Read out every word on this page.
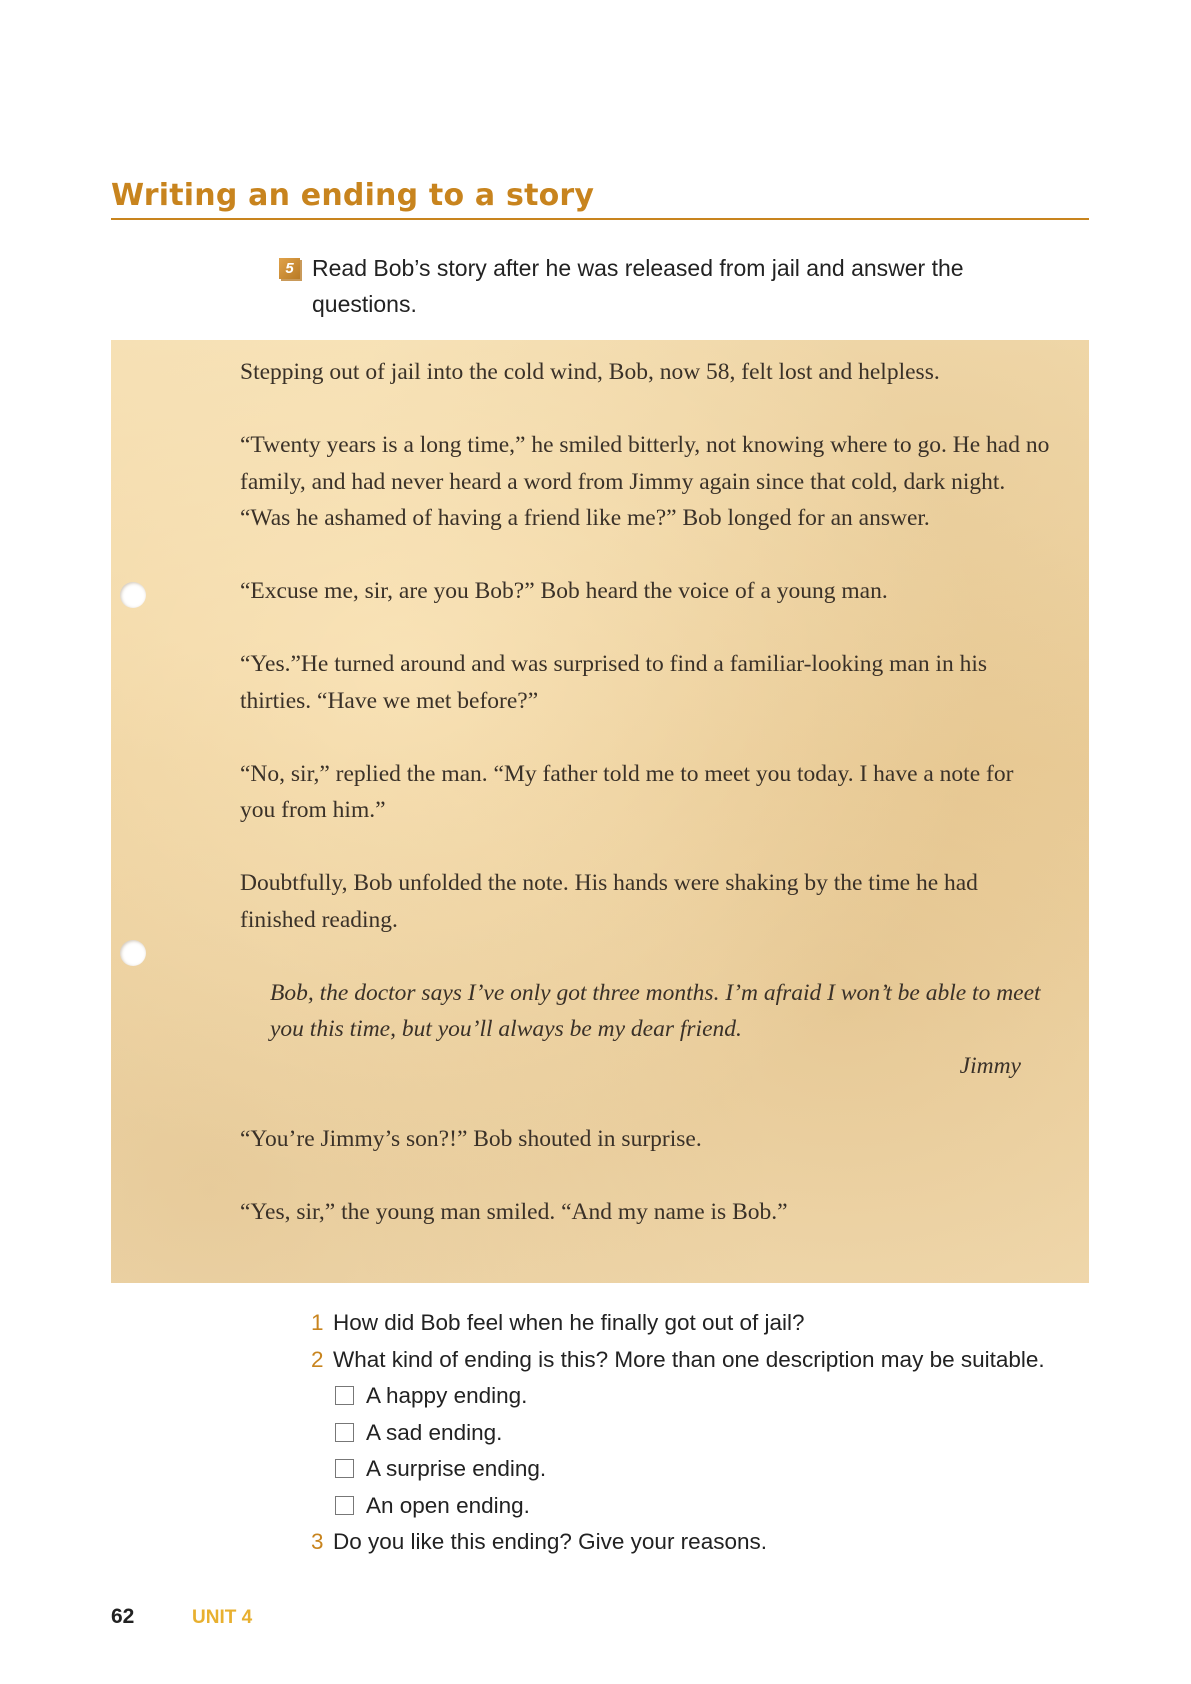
Writing an ending to a story
5 Read Bob’s story after he was released from jail and answer the questions.

Stepping out of jail into the cold wind, Bob, now 58, felt lost and helpless.

“Twenty years is a long time,” he smiled bitterly, not knowing where to go. He had no family, and had never heard a word from Jimmy again since that cold, dark night. “Was he ashamed of having a friend like me?” Bob longed for an answer.

“Excuse me, sir, are you Bob?” Bob heard the voice of a young man.

“Yes.”He turned around and was surprised to find a familiar-looking man in his thirties. “Have we met before?”

“No, sir,” replied the man. “My father told me to meet you today. I have a note for you from him.”

Doubtfully, Bob unfolded the note. His hands were shaking by the time he had finished reading.

Bob, the doctor says I’ve only got three months. I’m afraid I won’t be able to meet you this time, but you’ll always be my dear friend.

Jimmy

“You’re Jimmy’s son?!” Bob shouted in surprise.

“Yes, sir,” the young man smiled. “And my name is Bob.”

1 How did Bob feel when he finally got out of jail?
2 What kind of ending is this? More than one description may be suitable.
A happy ending.
A sad ending.
A surprise ending.
An open ending.
3 Do you like this ending? Give your reasons.
62	UNIT 4
